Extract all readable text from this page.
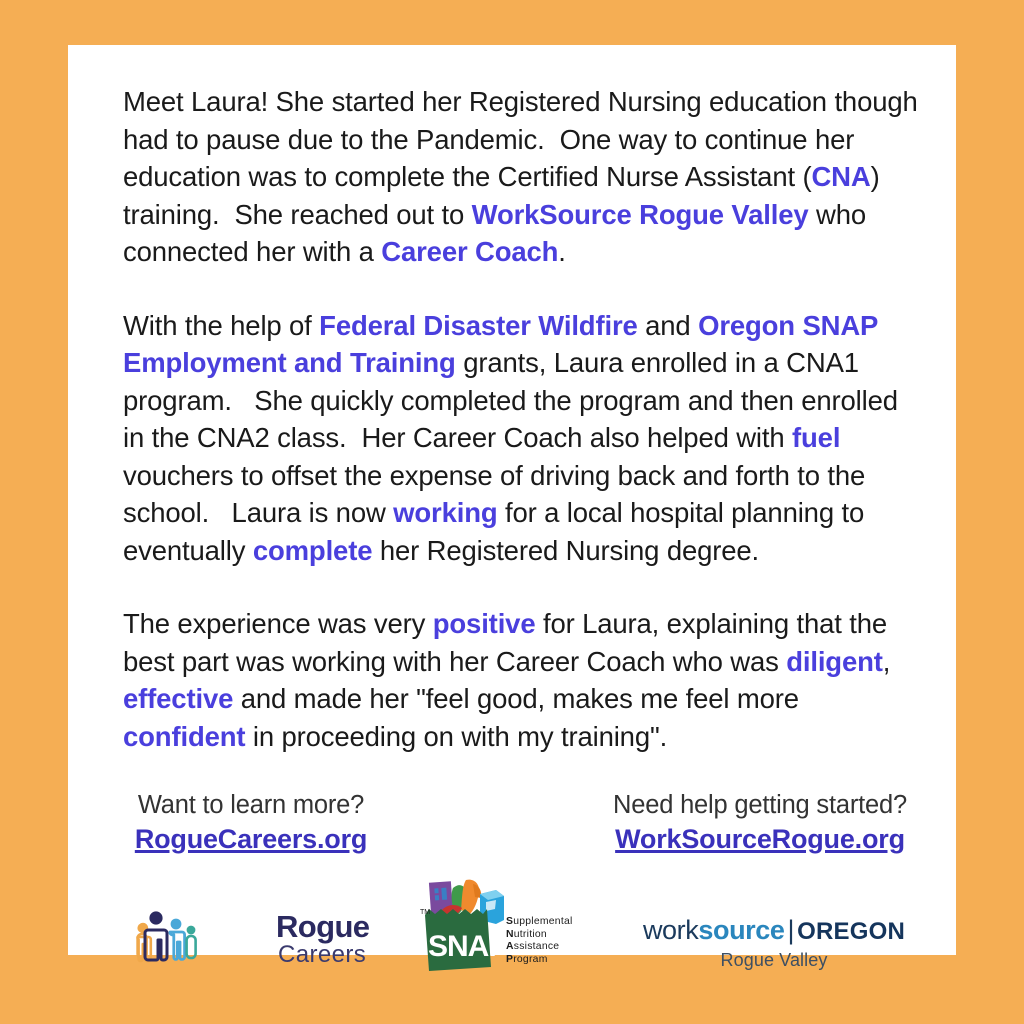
Meet Laura! She started her Registered Nursing education though had to pause due to the Pandemic.  One way to continue her education was to complete the Certified Nurse Assistant (CNA) training.  She reached out to WorkSource Rogue Valley who connected her with a Career Coach.

With the help of Federal Disaster Wildfire and Oregon SNAP Employment and Training grants, Laura enrolled in a CNA1 program.   She quickly completed the program and then enrolled in the CNA2 class.  Her Career Coach also helped with fuel vouchers to offset the expense of driving back and forth to the school.   Laura is now working for a local hospital planning to eventually complete her Registered Nursing degree.

The experience was very positive for Laura, explaining that the best part was working with her Career Coach who was diligent, effective and made her "feel good, makes me feel more confident in proceeding on with my training".

Want to learn more?
RogueCareers.org
Need help getting started?
WorkSourceRogue.org
Rogue
Careers SNAP
TM
Supplemental
Nutrition
Assistance
Program
worksource | OREGON
Rogue Valley
